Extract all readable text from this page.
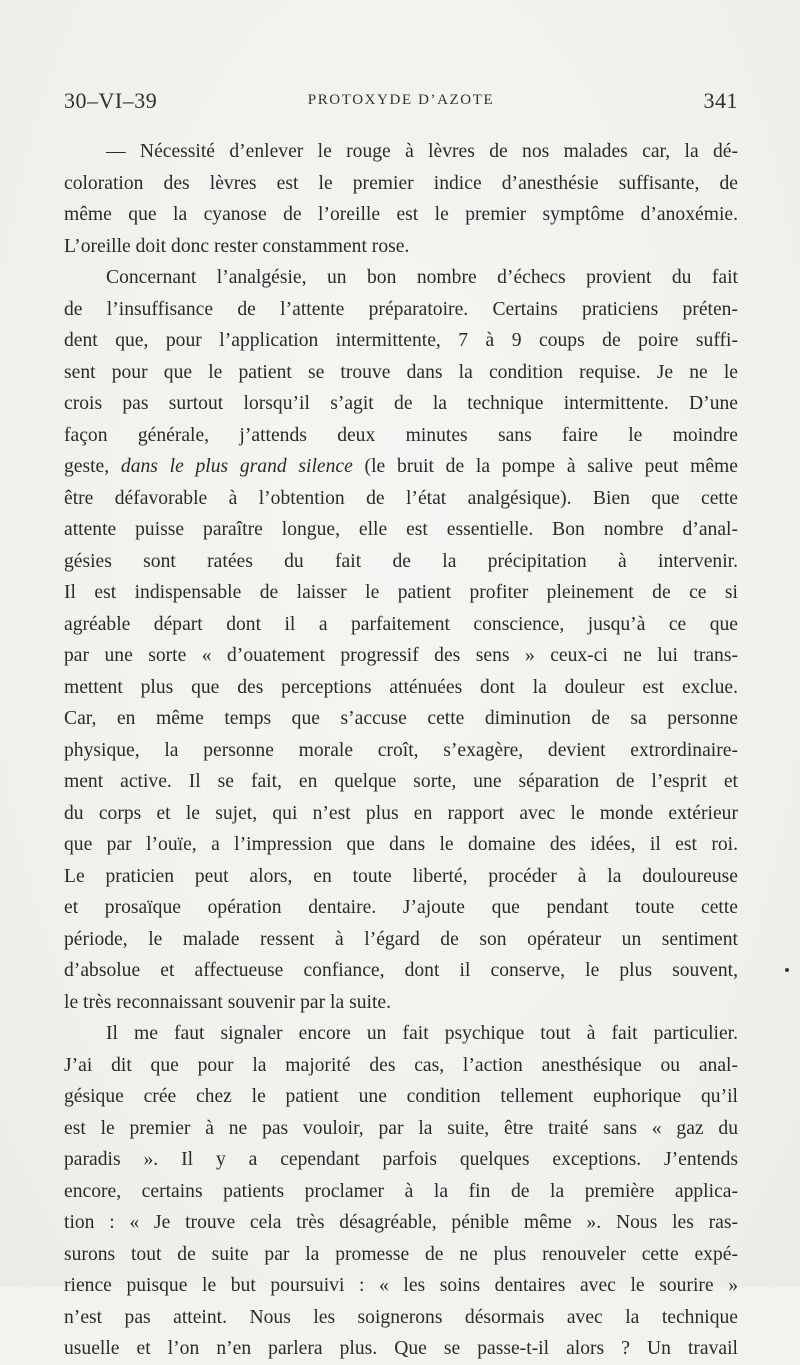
30–VI–39	PROTOXYDE D’AZOTE	341
— Nécessité d’enlever le rouge à lèvres de nos malades car, la dé-
coloration des lèvres est le premier indice d’anesthésie suffisante, de
même que la cyanose de l’oreille est le premier symptôme d’anoxémie.
L’oreille doit donc rester constamment rose.
Concernant l’analgésie, un bon nombre d’échecs provient du fait
de l’insuffisance de l’attente préparatoire. Certains praticiens préten-
dent que, pour l’application intermittente, 7 à 9 coups de poire suffi-
sent pour que le patient se trouve dans la condition requise. Je ne le
crois pas surtout lorsqu’il s’agit de la technique intermittente. D’une
façon générale, j’attends deux minutes sans faire le moindre
geste, dans le plus grand silence (le bruit de la pompe à salive peut même
être défavorable à l’obtention de l’état analgésique). Bien que cette
attente puisse paraître longue, elle est essentielle. Bon nombre d’anal-
gésies sont ratées du fait de la précipitation à intervenir.
Il est indispensable de laisser le patient profiter pleinement de ce si
agréable départ dont il a parfaitement conscience, jusqu’à ce que
par une sorte « d’ouatement progressif des sens » ceux-ci ne lui trans-
mettent plus que des perceptions atténuées dont la douleur est exclue.
Car, en même temps que s’accuse cette diminution de sa personne
physique, la personne morale croît, s’exagère, devient extrordinaire-
ment active. Il se fait, en quelque sorte, une séparation de l’esprit et
du corps et le sujet, qui n’est plus en rapport avec le monde extérieur
que par l’ouïe, a l’impression que dans le domaine des idées, il est roi.
Le praticien peut alors, en toute liberté, procéder à la douloureuse
et prosaïque opération dentaire. J’ajoute que pendant toute cette
période, le malade ressent à l’égard de son opérateur un sentiment
d’absolue et affectueuse confiance, dont il conserve, le plus souvent,
le très reconnaissant souvenir par la suite.
Il me faut signaler encore un fait psychique tout à fait particulier.
J’ai dit que pour la majorité des cas, l’action anesthésique ou anal-
gésique crée chez le patient une condition tellement euphorique qu’il
est le premier à ne pas vouloir, par la suite, être traité sans « gaz du
paradis ». Il y a cependant parfois quelques exceptions. J’entends
encore, certains patients proclamer à la fin de la première applica-
tion : « Je trouve cela très désagréable, pénible même ». Nous les ras-
surons tout de suite par la promesse de ne plus renouveler cette expé-
rience puisque le but poursuivi : « les soins dentaires avec le sourire »
n’est pas atteint. Nous les soignerons désormais avec la technique
usuelle et l’on n’en parlera plus. Que se passe-t-il alors ? Un travail
